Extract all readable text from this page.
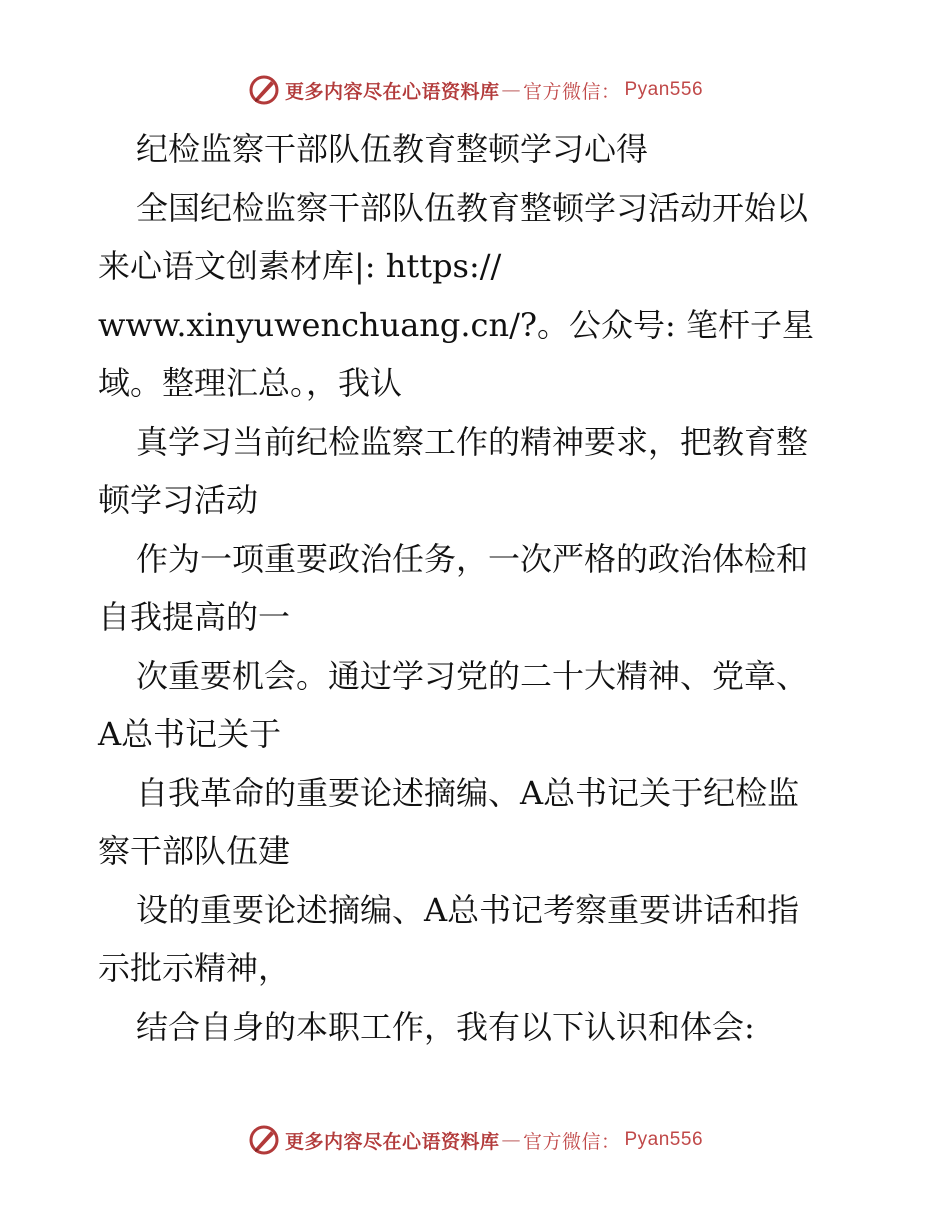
更多内容尽在心语资料库 — 官方微信： Pyan556

纪检监察干部队伍教育整顿学习心得

全国纪检监察干部队伍教育整顿学习活动开始以

来心语文创素材库|: https://

www.xinyuwenchuang.cn/?。公众号: 笔杆子星

域。整理汇总。，我认

真学习当前纪检监察工作的精神要求，把教育整

顿学习活动

作为一项重要政治任务，一次严格的政治体检和

自我提高的一

次重要机会。通过学习党的二十大精神、党章、

A总书记关于

自我革命的重要论述摘编、A总书记关于纪检监

察干部队伍建

设的重要论述摘编、A总书记考察重要讲话和指

示批示精神，

结合自身的本职工作，我有以下认识和体会:

更多内容尽在心语资料库 — 官方微信： Pyan556
